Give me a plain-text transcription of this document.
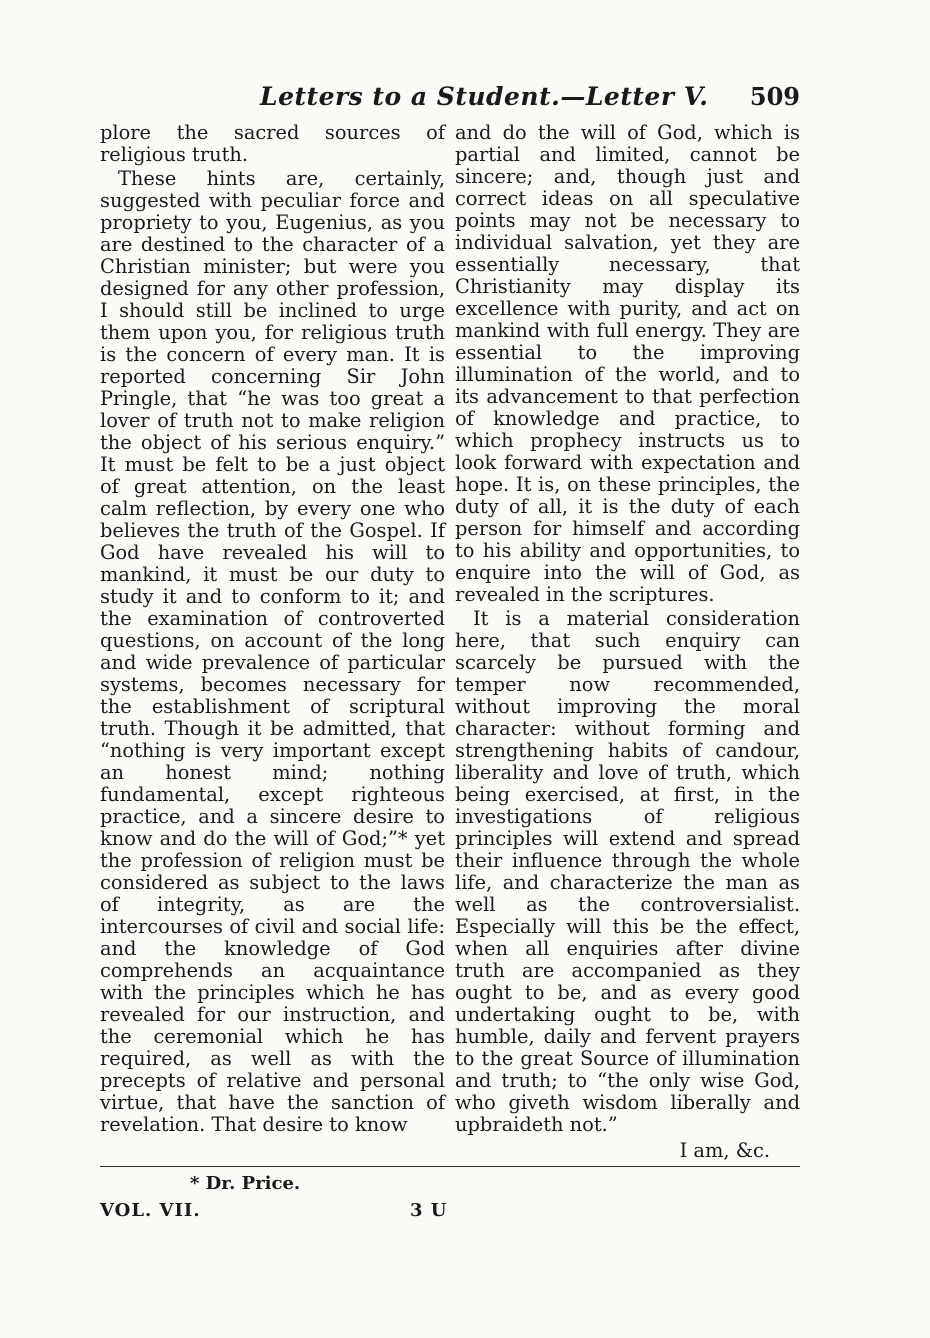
Letters to a Student.—Letter V. 509

plore the sacred sources of religious truth.

These hints are, certainly, suggested with peculiar force and propriety to you, Eugenius, as you are destined to the character of a Christian minister; but were you designed for any other profession, I should still be inclined to urge them upon you, for religious truth is the concern of every man. It is reported concerning Sir John Pringle, that “he was too great a lover of truth not to make religion the object of his serious enquiry.” It must be felt to be a just object of great attention, on the least calm reflection, by every one who believes the truth of the Gospel. If God have revealed his will to mankind, it must be our duty to study it and to conform to it; and the examination of controverted questions, on account of the long and wide prevalence of particular systems, becomes necessary for the establishment of scriptural truth. Though it be admitted, that “nothing is very important except an honest mind; nothing fundamental, except righteous practice, and a sincere desire to know and do the will of God;”* yet the profession of religion must be considered as subject to the laws of integrity, as are the intercourses of civil and social life: and the knowledge of God comprehends an acquaintance with the principles which he has revealed for our instruction, and the ceremonial which he has required, as well as with the precepts of relative and personal virtue, that have the sanction of revelation. That desire to know

and do the will of God, which is partial and limited, cannot be sincere; and, though just and correct ideas on all speculative points may not be necessary to individual salvation, yet they are essentially necessary, that Christianity may display its excellence with purity, and act on mankind with full energy. They are essential to the improving illumination of the world, and to its advancement to that perfection of knowledge and practice, to which prophecy instructs us to look forward with expectation and hope. It is, on these principles, the duty of all, it is the duty of each person for himself and according to his ability and opportunities, to enquire into the will of God, as revealed in the scriptures.

It is a material consideration here, that such enquiry can scarcely be pursued with the temper now recommended, without improving the moral character: without forming and strengthening habits of candour, liberality and love of truth, which being exercised, at first, in the investigations of religious principles will extend and spread their influence through the whole life, and characterize the man as well as the controversialist. Especially will this be the effect, when all enquiries after divine truth are accompanied as they ought to be, and as every good undertaking ought to be, with humble, daily and fervent prayers to the great Source of illumination and truth; to “the only wise God, who giveth wisdom liberally and upbraideth not.”

I am, &c.
* Dr. Price.
VOL. VII.	3 U
